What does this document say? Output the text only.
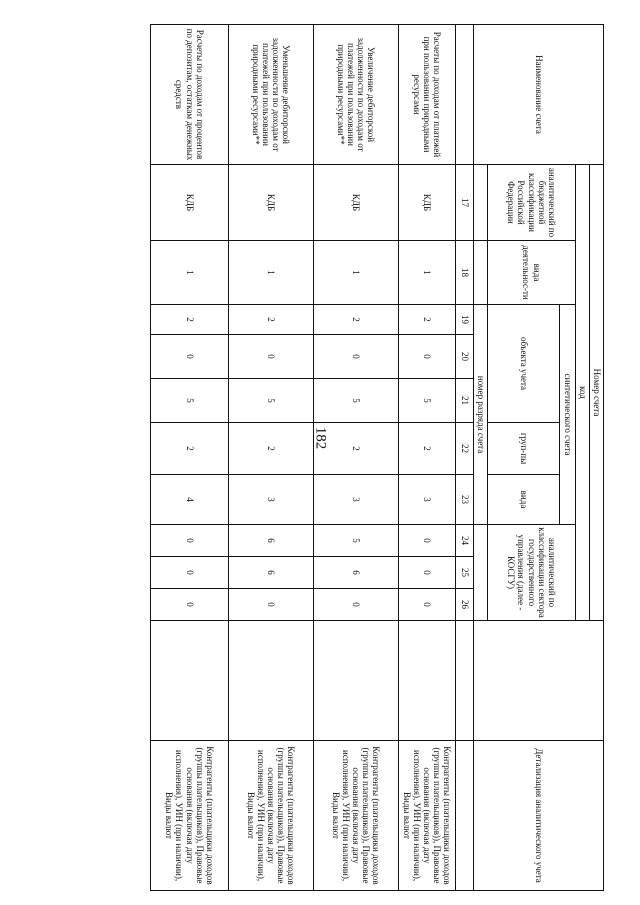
182
Наименование счета	Номер счета											Детализация аналитического учета
	код											
	аналитический по бюджетной классификации Российской Федерации	вида деятельнос-ти	синтетического счета					аналитический по классификации сектора государственного управления (далее - КОСГУ)				
			объекта учета			груп-пы	вида					
			номер разряда счета									
	17	18	19	20	21	22	23	24	25	26		
Расчеты по доходам от платежей при пользовании природными ресурсами	КДБ	1	2	0	5	2	3	0	0	0		Контрагенты (плательщики доходов (группы плательщиков)), Правовые основания (включая дату исполнения), УИН (при наличии), Виды валют
Увеличение дебиторской задолженности по доходам от платежей при пользовании природными ресурсами**	КДБ	1	2	0	5	2	3	5	6	0		Контрагенты (плательщики доходов (группы плательщиков)), Правовые основания (включая дату исполнения), УИН (при наличии), Виды валют
Уменьшение дебиторской задолженности по доходам от платежей при пользовании природными ресурсами**	КДБ	1	2	0	5	2	3	6	6	0		Контрагенты (плательщики доходов (группы плательщиков)), Правовые основания (включая дату исполнения), УИН (при наличии), Виды валют
Расчеты по доходам от процентов по депозитам, остаткам денежных средств	КДБ	1	2	0	5	2	4	0	0	0		Контрагенты (плательщики доходов (группы плательщиков)), Правовые основания (включая дату исполнения), УИН (при наличии), Виды валют
